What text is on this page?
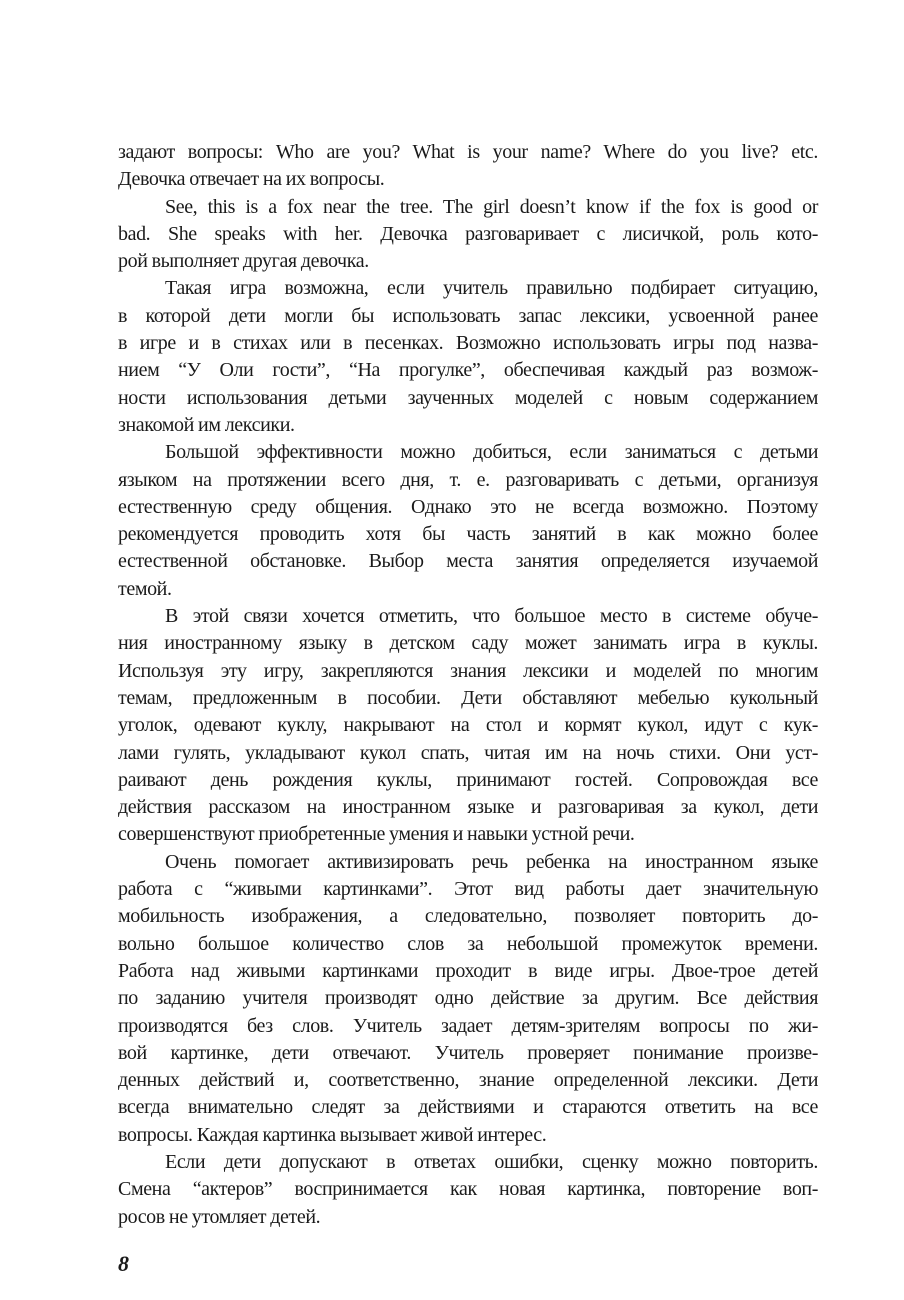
задают вопросы: Who are you? What is your name? Where do you live? etc.
Девочка отвечает на их вопросы.
See, this is a fox near the tree. The girl doesn’t know if the fox is good or
bad. She speaks with her. Девочка разговаривает с лисичкой, роль кото-
рой выполняет другая девочка.
Такая игра возможна, если учитель правильно подбирает ситуацию,
в которой дети могли бы использовать запас лексики, усвоенной ранее
в игре и в стихах или в песенках. Возможно использовать игры под назва-
нием “У Оли гости”, “На прогулке”, обеспечивая каждый раз возмож-
ности использования детьми заученных моделей с новым содержанием
знакомой им лексики.
Большой эффективности можно добиться, если заниматься с детьми
языком на протяжении всего дня, т. е. разговаривать с детьми, организуя
естественную среду общения. Однако это не всегда возможно. Поэтому
рекомендуется проводить хотя бы часть занятий в как можно более
естественной обстановке. Выбор места занятия определяется изучаемой
темой.
В этой связи хочется отметить, что большое место в системе обуче-
ния иностранному языку в детском саду может занимать игра в куклы.
Используя эту игру, закрепляются знания лексики и моделей по многим
темам, предложенным в пособии. Дети обставляют мебелью кукольный
уголок, одевают куклу, накрывают на стол и кормят кукол, идут с кук-
лами гулять, укладывают кукол спать, читая им на ночь стихи. Они уст-
раивают день рождения куклы, принимают гостей. Сопровождая все
действия рассказом на иностранном языке и разговаривая за кукол, дети
совершенствуют приобретенные умения и навыки устной речи.
Очень помогает активизировать речь ребенка на иностранном языке
работа с “живыми картинками”. Этот вид работы дает значительную
мобильность изображения, а следовательно, позволяет повторить до-
вольно большое количество слов за небольшой промежуток времени.
Работа над живыми картинками проходит в виде игры. Двое-трое детей
по заданию учителя производят одно действие за другим. Все действия
производятся без слов. Учитель задает детям-зрителям вопросы по жи-
вой картинке, дети отвечают. Учитель проверяет понимание произве-
денных действий и, соответственно, знание определенной лексики. Дети
всегда внимательно следят за действиями и стараются ответить на все
вопросы. Каждая картинка вызывает живой интерес.
Если дети допускают в ответах ошибки, сценку можно повторить.
Смена “актеров” воспринимается как новая картинка, повторение воп-
росов не утомляет детей.
8
